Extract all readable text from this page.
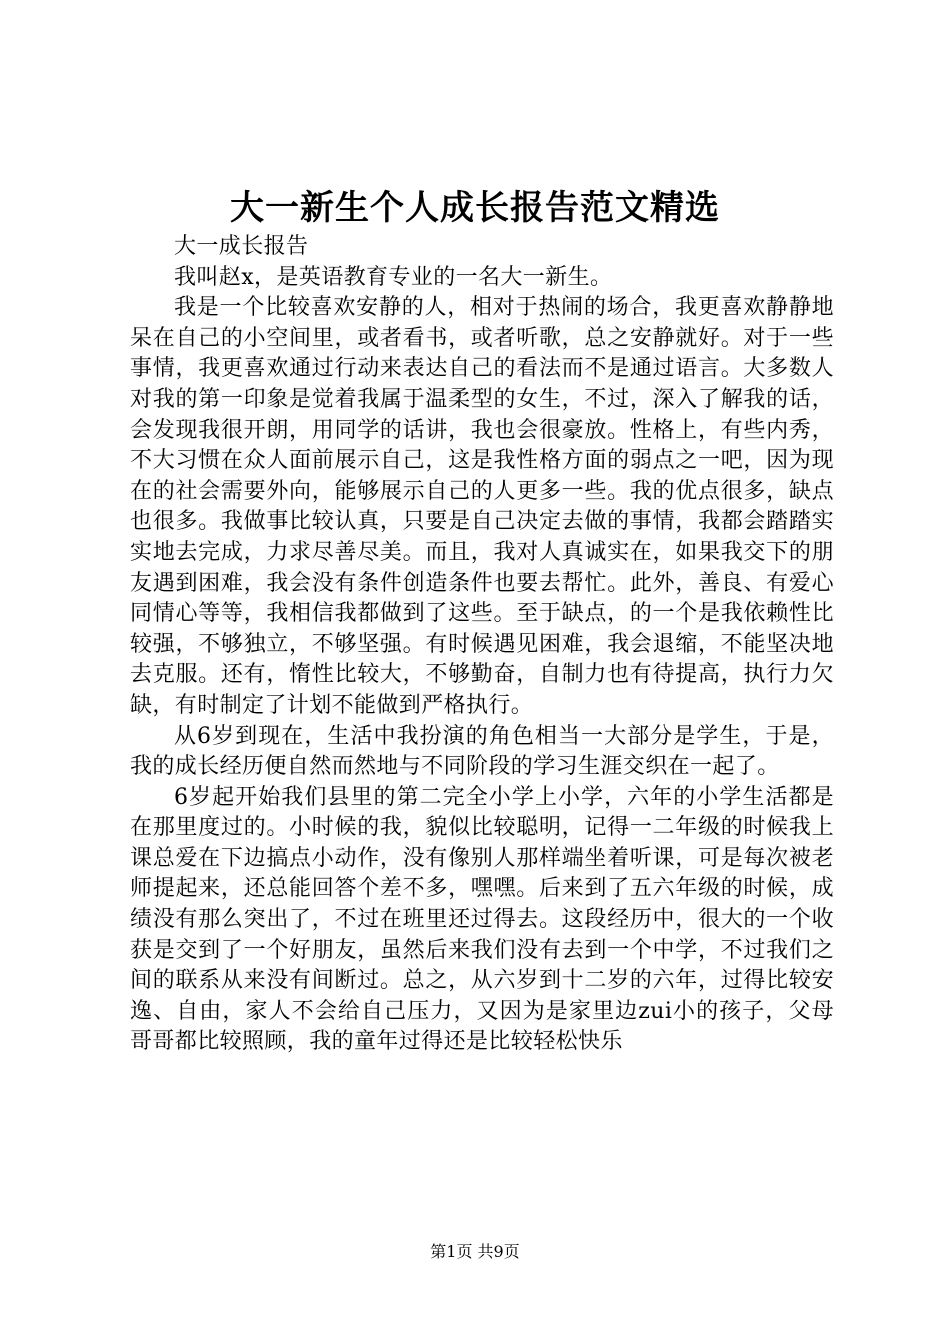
大一新生个人成长报告范文精选

大一成长报告

我叫赵x，是英语教育专业的一名大一新生。

我是一个比较喜欢安静的人，相对于热闹的场合，我更喜欢静静地呆在自己的小空间里，或者看书，或者听歌，总之安静就好。对于一些事情，我更喜欢通过行动来表达自己的看法而不是通过语言。大多数人对我的第一印象是觉着我属于温柔型的女生，不过，深入了解我的话，会发现我很开朗，用同学的话讲，我也会很豪放。性格上，有些内秀，不大习惯在众人面前展示自己，这是我性格方面的弱点之一吧，因为现在的社会需要外向，能够展示自己的人更多一些。我的优点很多，缺点也很多。我做事比较认真，只要是自己决定去做的事情，我都会踏踏实实地去完成，力求尽善尽美。而且，我对人真诚实在，如果我交下的朋友遇到困难，我会没有条件创造条件也要去帮忙。此外，善良、有爱心同情心等等，我相信我都做到了这些。至于缺点，的一个是我依赖性比较强，不够独立，不够坚强。有时候遇见困难，我会退缩，不能坚决地去克服。还有，惰性比较大，不够勤奋，自制力也有待提高，执行力欠缺，有时制定了计划不能做到严格执行。

从6岁到现在，生活中我扮演的角色相当一大部分是学生，于是，我的成长经历便自然而然地与不同阶段的学习生涯交织在一起了。

6岁起开始我们县里的第二完全小学上小学，六年的小学生活都是在那里度过的。小时候的我，貌似比较聪明，记得一二年级的时候我上课总爱在下边搞点小动作，没有像别人那样端坐着听课，可是每次被老师提起来，还总能回答个差不多，嘿嘿。后来到了五六年级的时候，成绩没有那么突出了，不过在班里还过得去。这段经历中，很大的一个收获是交到了一个好朋友，虽然后来我们没有去到一个中学，不过我们之间的联系从来没有间断过。总之，从六岁到十二岁的六年，过得比较安逸、自由，家人不会给自己压力，又因为是家里边zui小的孩子，父母哥哥都比较照顾，我的童年过得还是比较轻松快乐

第1页 共9页
